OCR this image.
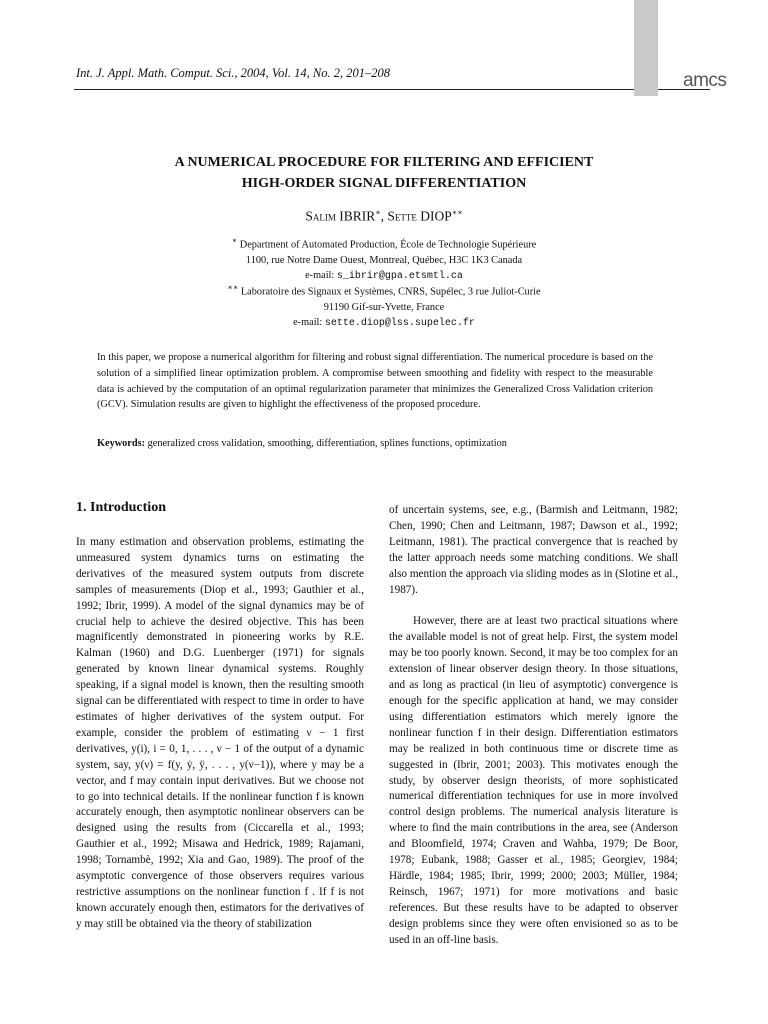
Int. J. Appl. Math. Comput. Sci., 2004, Vol. 14, No. 2, 201–208	amcs
A NUMERICAL PROCEDURE FOR FILTERING AND EFFICIENT
HIGH-ORDER SIGNAL DIFFERENTIATION
Salim IBRIR∗, Sette DIOP∗∗
∗ Department of Automated Production, École de Technologie Supérieure
1100, rue Notre Dame Ouest, Montreal, Québec, H3C 1K3 Canada
e-mail: s_ibrir@gpa.etsmtl.ca
∗∗ Laboratoire des Signaux et Systèmes, CNRS, Supélec, 3 rue Juliot-Curie
91190 Gif-sur-Yvette, France
e-mail: sette.diop@lss.supelec.fr
In this paper, we propose a numerical algorithm for filtering and robust signal differentiation. The numerical procedure is based on the solution of a simplified linear optimization problem. A compromise between smoothing and fidelity with respect to the measurable data is achieved by the computation of an optimal regularization parameter that minimizes the Generalized Cross Validation criterion (GCV). Simulation results are given to highlight the effectiveness of the proposed procedure.
Keywords: generalized cross validation, smoothing, differentiation, splines functions, optimization
1. Introduction

In many estimation and observation problems, estimating the unmeasured system dynamics turns on estimating the derivatives of the measured system outputs from discrete samples of measurements (Diop et al., 1993; Gauthier et al., 1992; Ibrir, 1999). A model of the signal dynamics may be of crucial help to achieve the desired objective. This has been magnificently demonstrated in pioneering works by R.E. Kalman (1960) and D.G. Luenberger (1971) for signals generated by known linear dynamical systems. Roughly speaking, if a signal model is known, then the resulting smooth signal can be differentiated with respect to time in order to have estimates of higher derivatives of the system output. For example, consider the problem of estimating ν − 1 first derivatives, y(i), i = 0, 1, . . . , ν − 1 of the output of a dynamic system, say, y(ν) = f(y, ẏ, ÿ, . . . , y(ν−1)), where y may be a vector, and f may contain input derivatives. But we choose not to go into technical details. If the nonlinear function f is known accurately enough, then asymptotic nonlinear observers can be designed using the results from (Ciccarella et al., 1993; Gauthier et al., 1992; Misawa and Hedrick, 1989; Rajamani, 1998; Tornambè, 1992; Xia and Gao, 1989). The proof of the asymptotic convergence of those observers requires various restrictive assumptions on the nonlinear function f . If f is not known accurately enough then, estimators for the derivatives of y may still be obtained via the theory of stabilization

of uncertain systems, see, e.g., (Barmish and Leitmann, 1982; Chen, 1990; Chen and Leitmann, 1987; Dawson et al., 1992; Leitmann, 1981). The practical convergence that is reached by the latter approach needs some matching conditions. We shall also mention the approach via sliding modes as in (Slotine et al., 1987).

However, there are at least two practical situations where the available model is not of great help. First, the system model may be too poorly known. Second, it may be too complex for an extension of linear observer design theory. In those situations, and as long as practical (in lieu of asymptotic) convergence is enough for the specific application at hand, we may consider using differentiation estimators which merely ignore the nonlinear function f in their design. Differentiation estimators may be realized in both continuous time or discrete time as suggested in (Ibrir, 2001; 2003). This motivates enough the study, by observer design theorists, of more sophisticated numerical differentiation techniques for use in more involved control design problems. The numerical analysis literature is where to find the main contributions in the area, see (Anderson and Bloomfield, 1974; Craven and Wahba, 1979; De Boor, 1978; Eubank, 1988; Gasser et al., 1985; Georgiev, 1984; Härdle, 1984; 1985; Ibrir, 1999; 2000; 2003; Müller, 1984; Reinsch, 1967; 1971) for more motivations and basic references. But these results have to be adapted to observer design problems since they were often envisioned so as to be used in an off-line basis.
